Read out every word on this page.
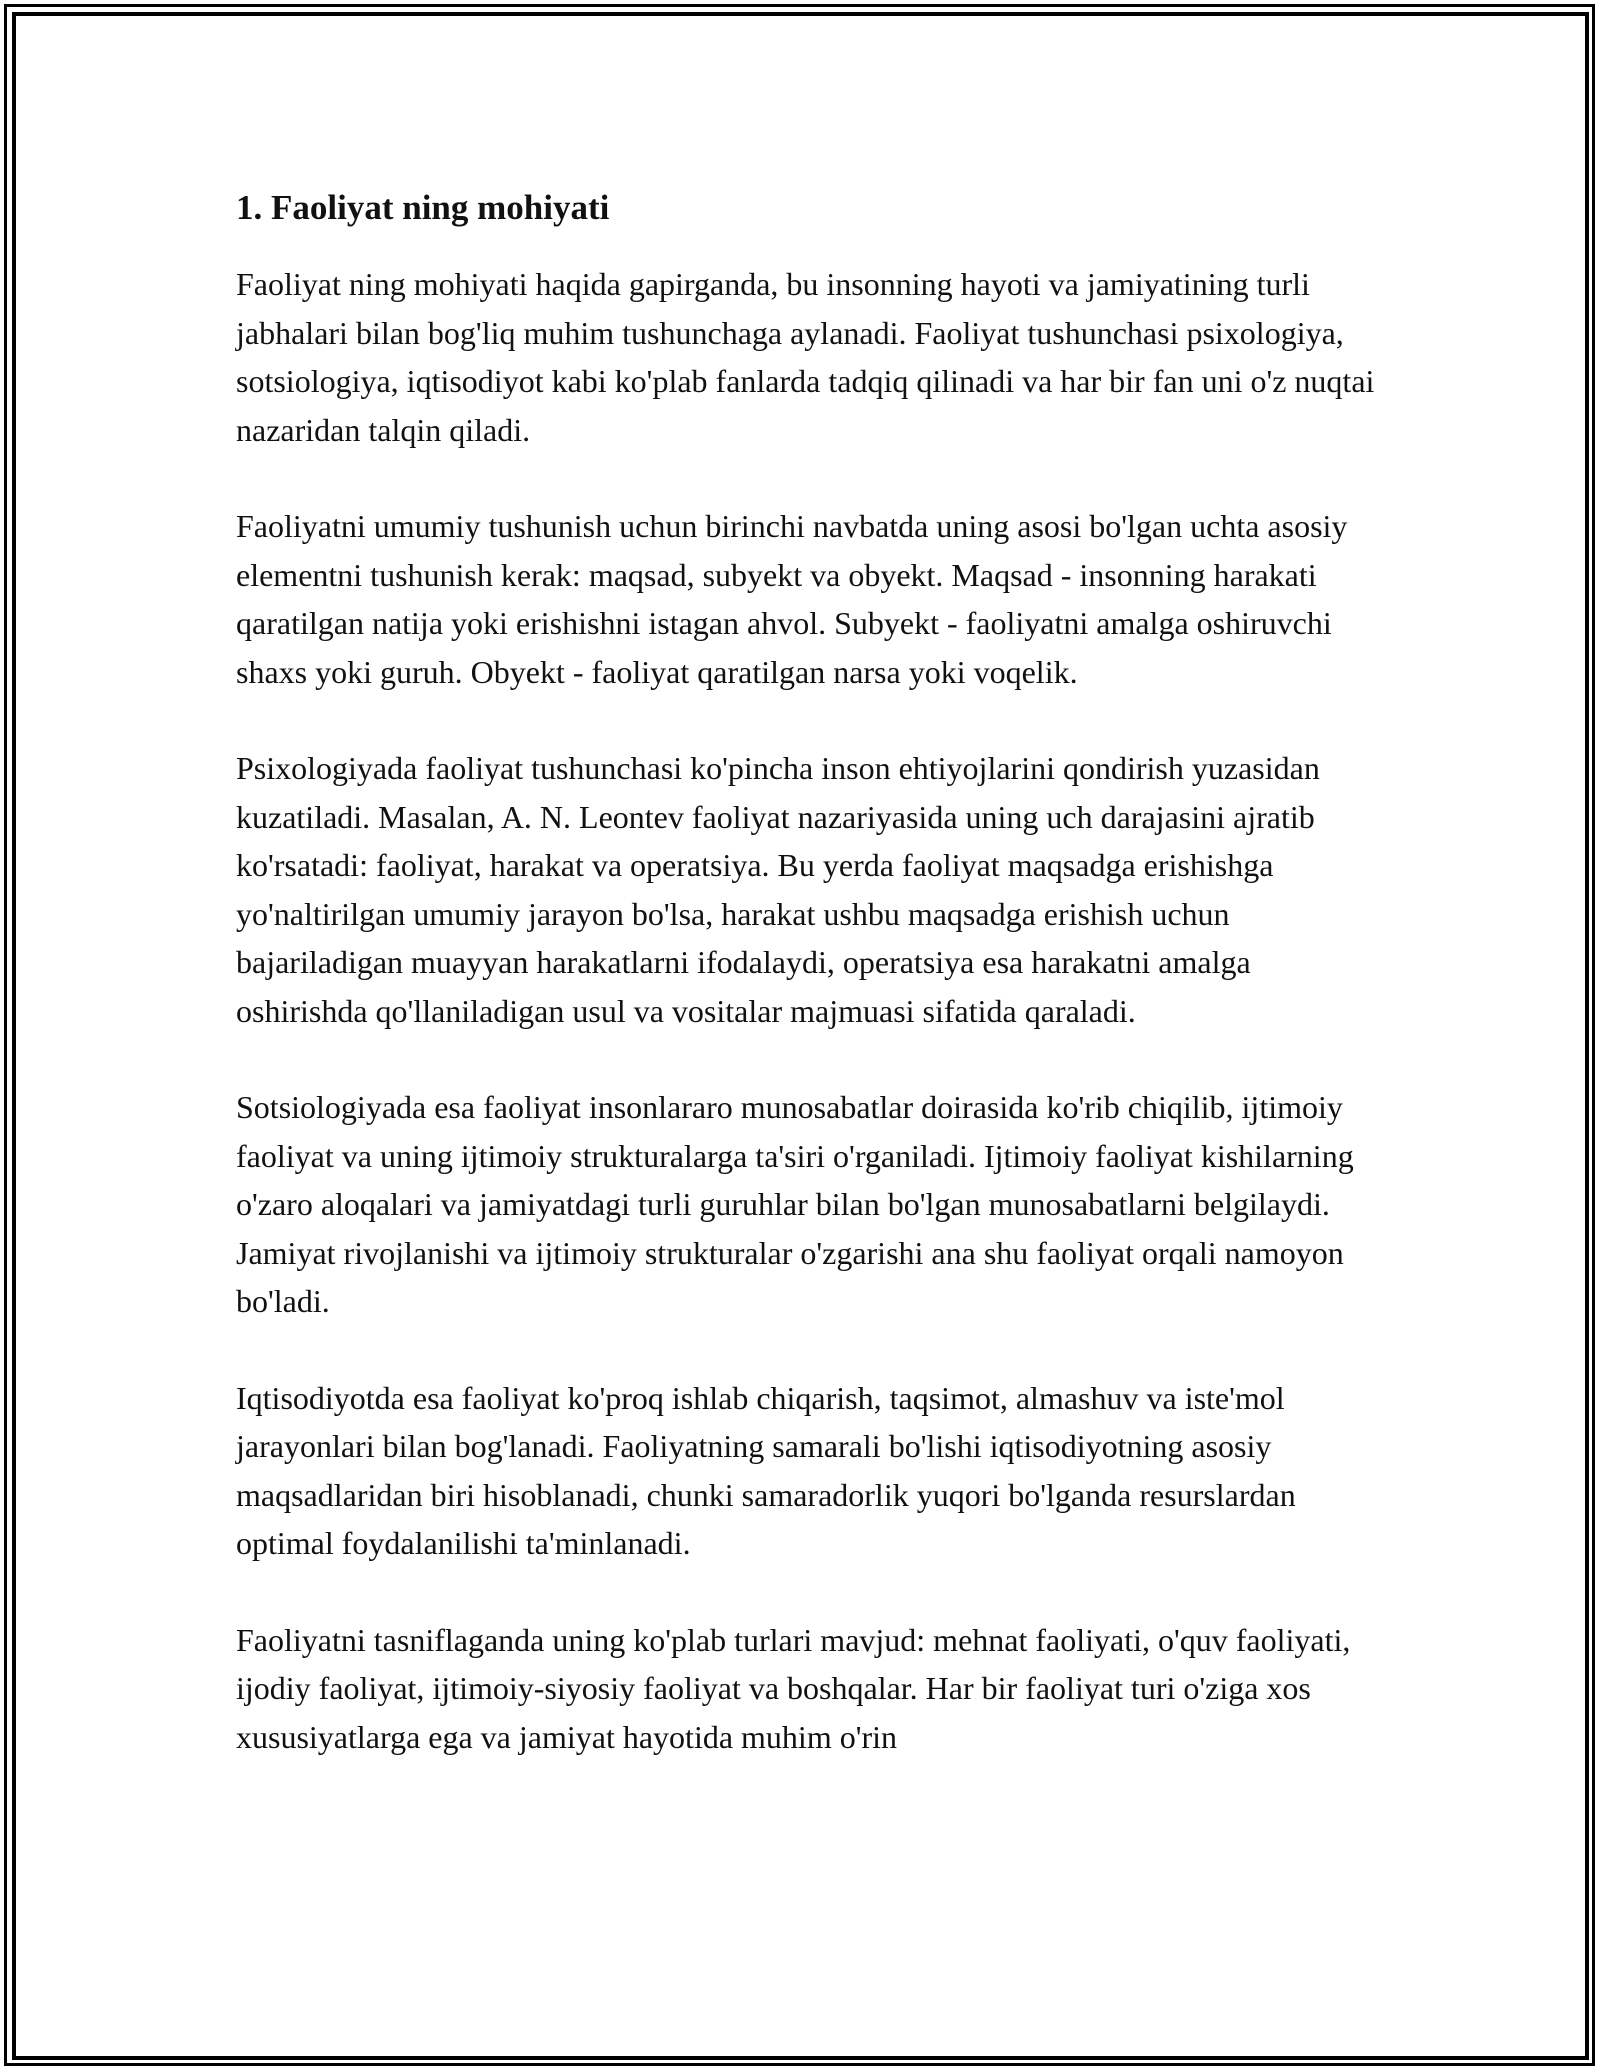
1. Faoliyat ning mohiyati

Faoliyat ning mohiyati haqida gapirganda, bu insonning hayoti va jamiyatining turli jabhalari bilan bog'liq muhim tushunchaga aylanadi. Faoliyat tushunchasi psixologiya, sotsiologiya, iqtisodiyot kabi ko'plab fanlarda tadqiq qilinadi va har bir fan uni o'z nuqtai nazaridan talqin qiladi.

Faoliyatni umumiy tushunish uchun birinchi navbatda uning asosi bo'lgan uchta asosiy elementni tushunish kerak: maqsad, subyekt va obyekt. Maqsad - insonning harakati qaratilgan natija yoki erishishni istagan ahvol. Subyekt - faoliyatni amalga oshiruvchi shaxs yoki guruh. Obyekt - faoliyat qaratilgan narsa yoki voqelik.

Psixologiyada faoliyat tushunchasi ko'pincha inson ehtiyojlarini qondirish yuzasidan kuzatiladi. Masalan, A. N. Leontev faoliyat nazariyasida uning uch darajasini ajratib ko'rsatadi: faoliyat, harakat va operatsiya. Bu yerda faoliyat maqsadga erishishga yo'naltirilgan umumiy jarayon bo'lsa, harakat ushbu maqsadga erishish uchun bajariladigan muayyan harakatlarni ifodalaydi, operatsiya esa harakatni amalga oshirishda qo'llaniladigan usul va vositalar majmuasi sifatida qaraladi.

Sotsiologiyada esa faoliyat insonlararo munosabatlar doirasida ko'rib chiqilib, ijtimoiy faoliyat va uning ijtimoiy strukturalarga ta'siri o'rganiladi. Ijtimoiy faoliyat kishilarning o'zaro aloqalari va jamiyatdagi turli guruhlar bilan bo'lgan munosabatlarni belgilaydi. Jamiyat rivojlanishi va ijtimoiy strukturalar o'zgarishi ana shu faoliyat orqali namoyon bo'ladi.

Iqtisodiyotda esa faoliyat ko'proq ishlab chiqarish, taqsimot, almashuv va iste'mol jarayonlari bilan bog'lanadi. Faoliyatning samarali bo'lishi iqtisodiyotning asosiy maqsadlaridan biri hisoblanadi, chunki samaradorlik yuqori bo'lganda resurslardan optimal foydalanilishi ta'minlanadi.

Faoliyatni tasniflaganda uning ko'plab turlari mavjud: mehnat faoliyati, o'quv faoliyati, ijodiy faoliyat, ijtimoiy-siyosiy faoliyat va boshqalar. Har bir faoliyat turi o'ziga xos xususiyatlarga ega va jamiyat hayotida muhim o'rin
